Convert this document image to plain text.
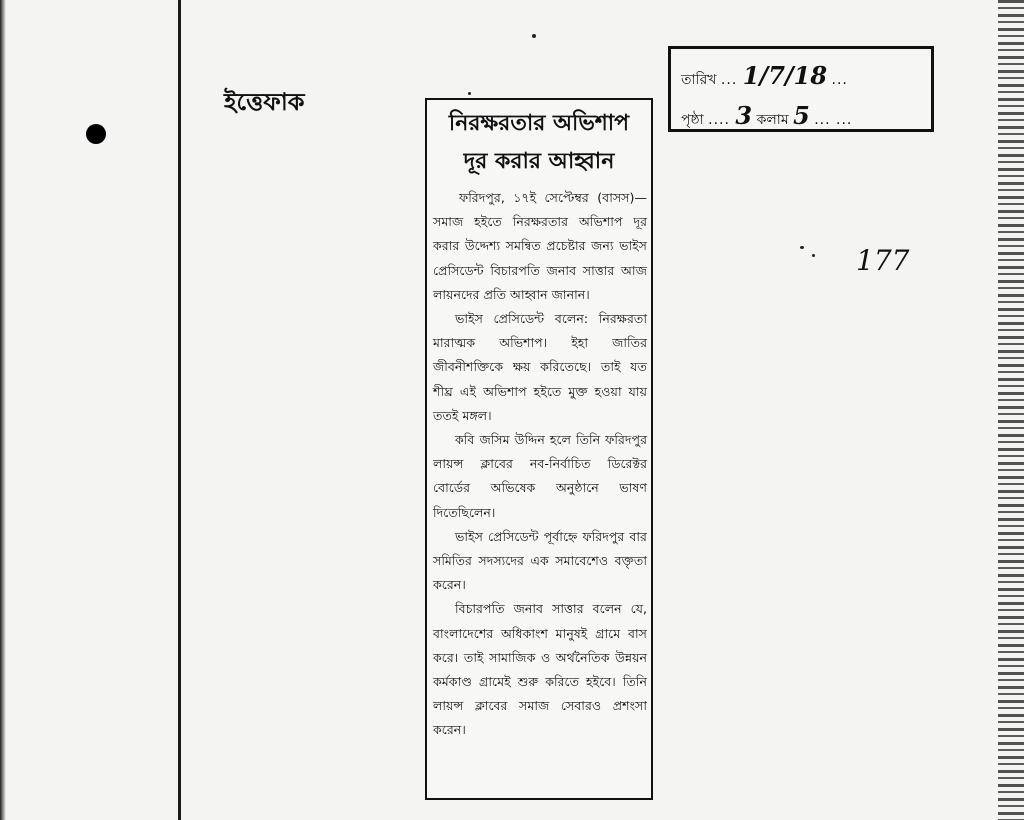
ইত্তেফাক
তারিখ ... 1/7/18 ...
পৃষ্ঠা .... 3 কলাম 5 ... ...
177
নিরক্ষরতার অভিশাপ
দূর করার আহ্বান

ফরিদপুর, ১৭ই সেপ্টেম্বর (বাসস)—সমাজ হইতে নিরক্ষরতার অভিশাপ দূর করার উদ্দেশ্য সমন্বিত প্রচেষ্টার জন্য ভাইস প্রেসিডেন্ট বিচারপতি জনাব সাত্তার আজ লায়নদের প্রতি আহ্বান জানান।

ভাইস প্রেসিডেন্ট বলেন: নিরক্ষরতা মারাত্মক অভিশাপ। ইহা জাতির জীবনীশক্তিকে ক্ষয় করিতেছে। তাই যত শীঘ্র এই অভিশাপ হইতে মুক্ত হওয়া যায় ততই মঙ্গল।

কবি জসিম উদ্দিন হলে তিনি ফরিদপুর লায়ন্স ক্লাবের নব-নির্বাচিত ডিরেক্টর বোর্ডের অভিষেক অনুষ্ঠানে ভাষণ দিতেছিলেন।

ভাইস প্রেসিডেন্ট পূর্বাহ্নে ফরিদপুর বার সমিতির সদস্যদের এক সমাবেশেও বক্তৃতা করেন।

বিচারপতি জনাব সাত্তার বলেন যে, বাংলাদেশের অধিকাংশ মানুষই গ্রামে বাস করে। তাই সামাজিক ও অর্থনৈতিক উন্নয়ন কর্মকাণ্ড গ্রামেই শুরু করিতে হইবে। তিনি লায়ন্স ক্লাবের সমাজ সেবারও প্রশংসা করেন।
